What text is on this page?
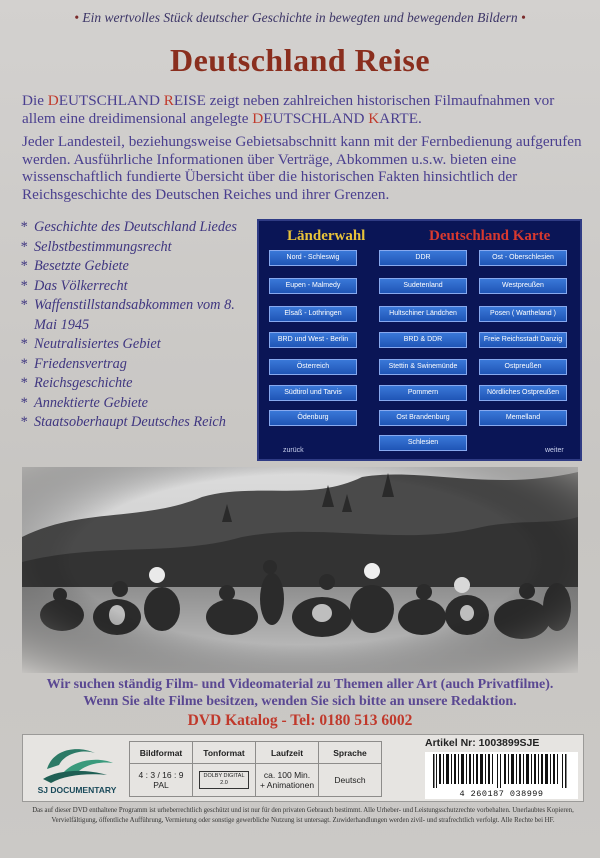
• Ein wertvolles Stück deutscher Geschichte in bewegten und bewegenden Bildern •
Deutschland Reise

Die DEUTSCHLAND REISE zeigt neben zahlreichen historischen Filmaufnahmen vor allem eine dreidimensional angelegte DEUTSCHLAND KARTE.

Jeder Landesteil, beziehungsweise Gebietsabschnitt kann mit der Fernbedienung aufgerufen werden. Ausführliche Informationen über Verträge, Abkommen u.s.w. bieten eine wissenschaftlich fundierte Übersicht über die historischen Fakten hinsichtlich der Reichsgeschichte des Deutschen Reiches und ihrer Grenzen.

* Geschichte des Deutschland Liedes
* Selbstbestimmungsrecht
* Besetzte Gebiete
* Das Völkerrecht
* Waffenstillstandsabkommen vom 8. Mai 1945
* Neutralisiertes Gebiet
* Friedensvertrag
* Reichsgeschichte
* Annektierte Gebiete
* Staatsoberhaupt Deutsches Reich
Länderwahl	Deutschland Karte
Nord - Schleswig
Eupen - Malmedy
Elsaß - Lothringen
BRD und West - Berlin
Österreich
Südtirol und Tarvis
Ödenburg
DDR
Sudetenland
Hultschiner Ländchen
BRD & DDR
Stettin & Swinemünde
Pommern
Ost Brandenburg
Schlesien
Ost - Oberschlesien
Westpreußen
Posen ( Wartheland )
Freie Reichsstadt Danzig
Ostpreußen
Nördliches Ostpreußen
Memelland
zurück	weiter
Wir suchen ständig Film- und Videomaterial zu Themen aller Art (auch Privatfilme).
Wenn Sie alte Filme besitzen, wenden Sie sich bitte an unsere Redaktion.
DVD Katalog - Tel: 0180 513 6002
SJ DOCUMENTARY
Bildformat	Tonformat	Laufzeit	Sprache
4 : 3 / 16 : 9 PAL	DOLBY DIGITAL 2.0	ca. 100 Min.
+ Animationen	Deutsch
Artikel Nr: 1003899SJE
4 260187 038999
Das auf dieser DVD enthaltene Programm ist urheberrechtlich geschützt und ist nur für den privaten Gebrauch bestimmt. Alle Urheber- und Leistungsschutzrechte vorbehalten. Unerlaubtes Kopieren, Vervielfältigung, öffentliche Aufführung, Vermietung oder sonstige gewerbliche Nutzung ist untersagt. Zuwiderhandlungen werden zivil- und strafrechtlich verfolgt. Alle Rechte bei HF.
